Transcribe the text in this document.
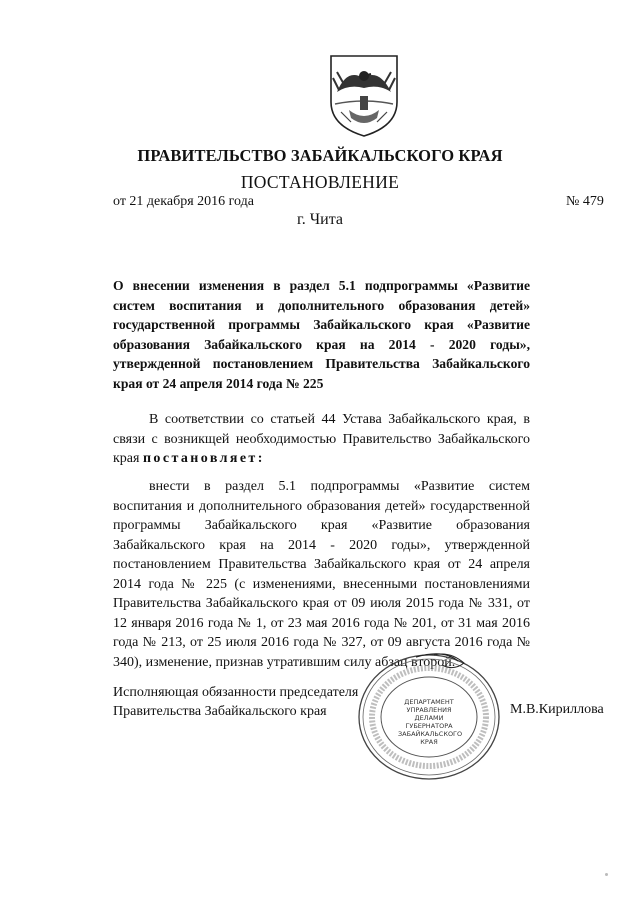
ПРАВИТЕЛЬСТВО ЗАБАЙКАЛЬСКОГО КРАЯ
ПОСТАНОВЛЕНИЕ
от 21 декабря 2016 года	№ 479
г. Чита
О внесении изменения в раздел 5.1 подпрограммы «Развитие систем воспитания и дополнительного образования детей» государственной программы Забайкальского края «Развитие образования Забайкальского края на 2014 - 2020 годы», утвержденной постановлением Правительства Забайкальского края от 24 апреля 2014 года № 225
В соответствии со статьей 44 Устава Забайкальского края, в связи с возникщей необходимостью Правительство Забайкальского края постановляет:
внести в раздел 5.1 подпрограммы «Развитие систем воспитания и дополнительного образования детей» государственной программы Забайкальского края «Развитие образования Забайкальского края на 2014 - 2020 годы», утвержденной постановлением Правительства Забайкальского края от 24 апреля 2014 года № 225 (с изменениями, внесенными постановлениями Правительства Забайкальского края от 09 июля 2015 года № 331, от 12 января 2016 года № 1, от 23 мая 2016 года № 201, от 31 мая 2016 года № 213, от 25 июля 2016 года № 327, от 09 августа 2016 года № 340), изменение, признав утратившим силу абзац второй.
Исполняющая обязанности председателя
Правительства Забайкальского края	М.В.Кириллова
ДЕПАРТАМЕНТ
УПРАВЛЕНИЯ
ДЕЛАМИ
ГУБЕРНАТОРА
ЗАБАЙКАЛЬСКОГО
КРАЯ
